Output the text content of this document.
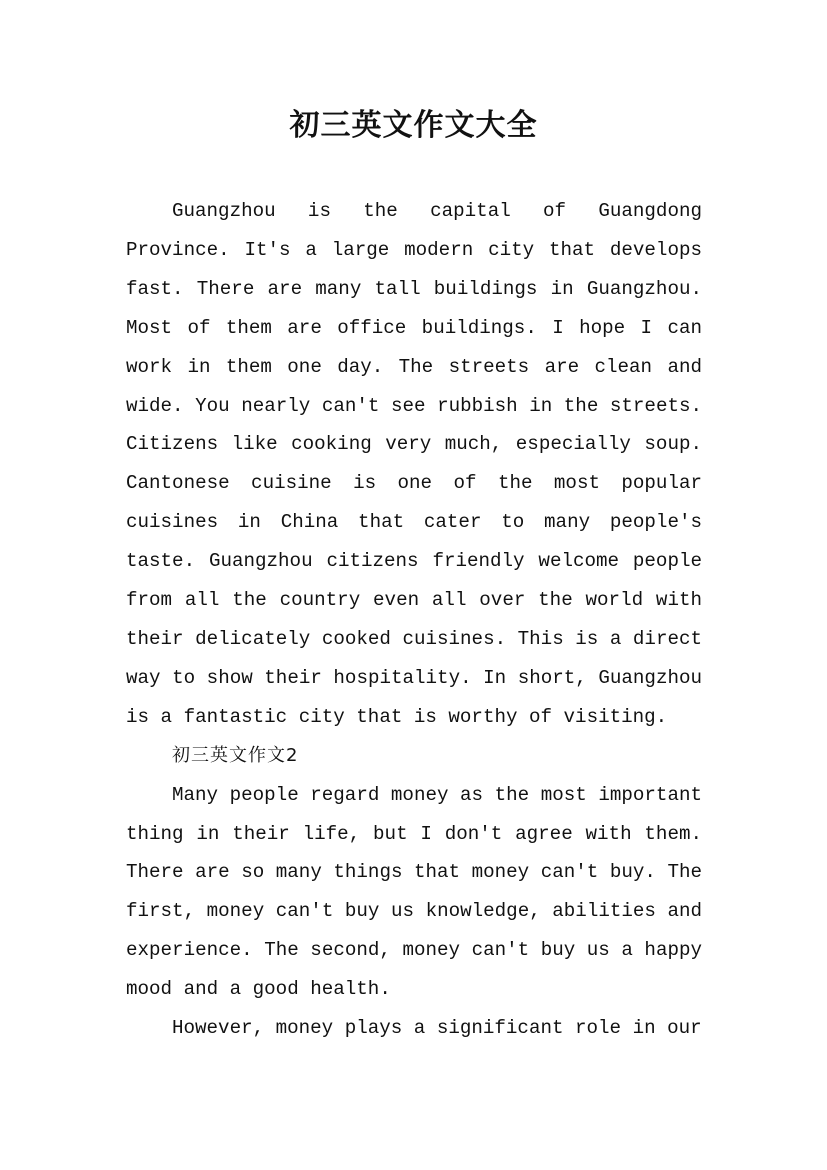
初三英文作文大全

Guangzhou is the capital of Guangdong Province. It's a large modern city that develops fast. There are many tall buildings in Guangzhou. Most of them are office buildings. I hope I can work in them one day. The streets are clean and wide. You nearly can't see rubbish in the streets. Citizens like cooking very much, especially soup. Cantonese cuisine is one of the most popular cuisines in China that cater to many people's taste. Guangzhou citizens friendly welcome people from all the country even all over the world with their delicately cooked cuisines. This is a direct way to show their hospitality. In short, Guangzhou is a fantastic city that is worthy of visiting.

初三英文作文2

Many people regard money as the most important thing in their life, but I don't agree with them. There are so many things that money can't buy. The first, money can't buy us knowledge, abilities and experience. The second, money can't buy us a happy mood and a good health.

However, money plays a significant role in our
